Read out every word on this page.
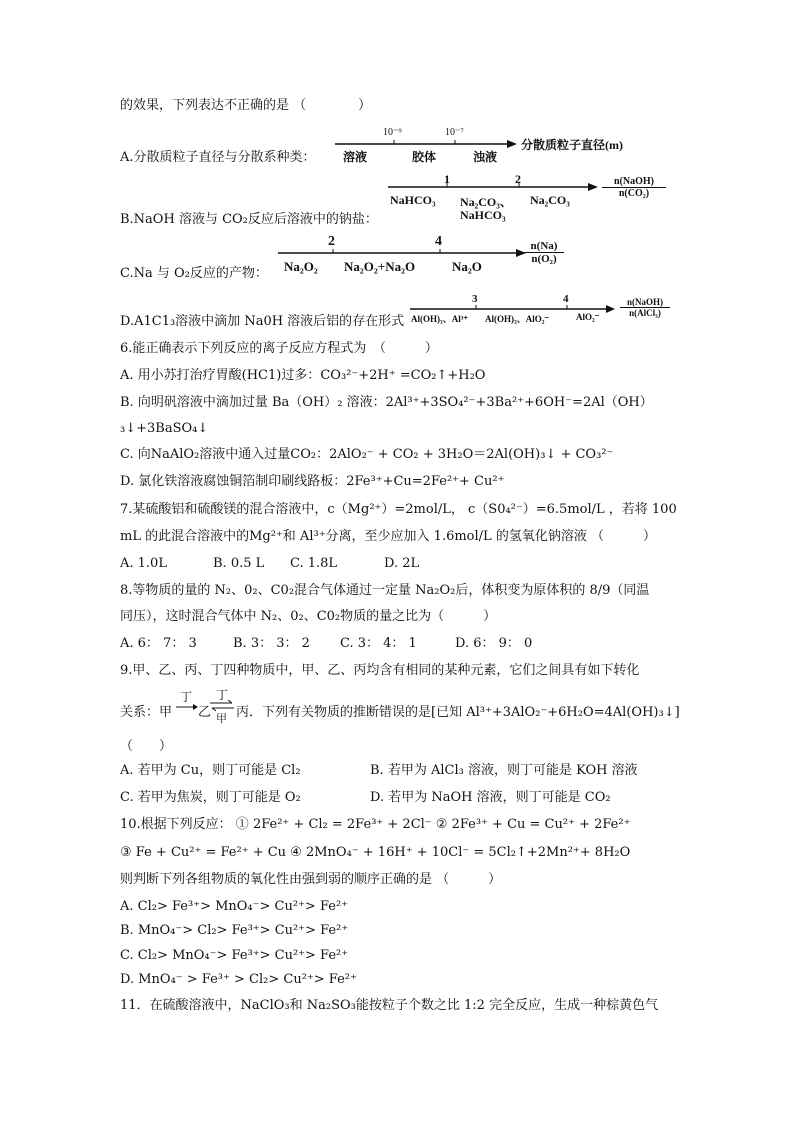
的效果，下列表达不正确的是 （　　　　）
A.分散质粒子直径与分散系种类：
10⁻⁹	10⁻⁷
溶液	胶体	浊液
分散质粒子直径(m)
B.NaOH 溶液与 CO₂反应后溶液中的钠盐：
1	2
NaHCO₃ Na₂CO₃、
NaHCO₃
Na₂CO₃
n(NaOH)
n(CO₂)
C.Na 与 O₂反应的产物：
2	4
Na₂O₂ Na₂O₂+Na₂O	Na₂O
$\frac{n(Na)}{\text{n(O₂)}}$
D.A1C1₃溶液中滴加 Na0H 溶液后铝的存在形式
3	4
Al(OH)₃、Al³⁺ Al(OH)₃、AlO₂⁻	AlO₂⁻
n(NaOH)
n(AlCl₃)
6.能正确表示下列反应的离子反应方程式为　（　　　）
A. 用小苏打治疗胃酸(HC1)过多：CO₃²⁻+2H⁺ =CO₂↑+H₂O
B. 向明矾溶液中滴加过量 Ba（OH）₂ 溶液：2Al³⁺+3SO₄²⁻+3Ba²⁺+6OH⁻=2Al（OH）
₃↓+3BaSO₄↓
C. 向NaAlO₂溶液中通入过量CO₂：2AlO₂⁻ + CO₂ + 3H₂O＝2Al(OH)₃↓ + CO₃²⁻
D. 氯化铁溶液腐蚀铜箔制印刷线路板：2Fe³⁺+Cu=2Fe²⁺+ Cu²⁺
7.某硫酸铝和硫酸镁的混合溶液中，c（Mg²⁺）=2mol/L， c（S0₄²⁻）=6.5mol/L ，若将 100
mL 的此混合溶液中的Mg²⁺和 Al³⁺分离，至少应加入 1.6mol/L 的氢氧化钠溶液 （　　　）
A. 1.0L	B. 0.5 L C. 1.8L	D. 2L
8.等物质的量的 N₂、0₂、C0₂混合气体通过一定量 Na₂O₂后，体积变为原体积的 8/9（同温
同压），这时混合气体中 N₂、0₂、C0₂物质的量之比为（　　　）
A. 6： 7： 3	B. 3： 3： 2 C. 3： 4： 1	D. 6： 9： 0
9.甲、乙、丙、丁四种物质中，甲、乙、丙均含有相同的某种元素，它们之间具有如下转化
关系：甲
丁
乙
丁
甲 丙．下列有关物质的推断错误的是[已知 Al³⁺+3AlO₂⁻+6H₂O=4Al(OH)₃↓]
（　　）
A. 若甲为 Cu，则丁可能是 Cl₂	B. 若甲为 AlCl₃ 溶液，则丁可能是 KOH 溶液
C. 若甲为焦炭，则丁可能是 O₂	D. 若甲为 NaOH 溶液，则丁可能是 CO₂
10.根据下列反应： ① 2Fe²⁺ + Cl₂ = 2Fe³⁺ + 2Cl⁻ ② 2Fe³⁺ + Cu = Cu²⁺ + 2Fe²⁺
③ Fe + Cu²⁺ = Fe²⁺ + Cu ④ 2MnO₄⁻ + 16H⁺ + 10Cl⁻ = 5Cl₂↑+2Mn²⁺+ 8H₂O
则判断下列各组物质的氧化性由强到弱的顺序正确的是 （　　　）
A. Cl₂> Fe³⁺> MnO₄⁻> Cu²⁺> Fe²⁺
B. MnO₄⁻> Cl₂> Fe³⁺> Cu²⁺> Fe²⁺
C. Cl₂> MnO₄⁻> Fe³⁺> Cu²⁺> Fe²⁺
D. MnO₄⁻ > Fe³⁺ > Cl₂> Cu²⁺> Fe²⁺
11．在硫酸溶液中，NaClO₃和 Na₂SO₃能按粒子个数之比 1:2 完全反应，生成一种棕黄色气
